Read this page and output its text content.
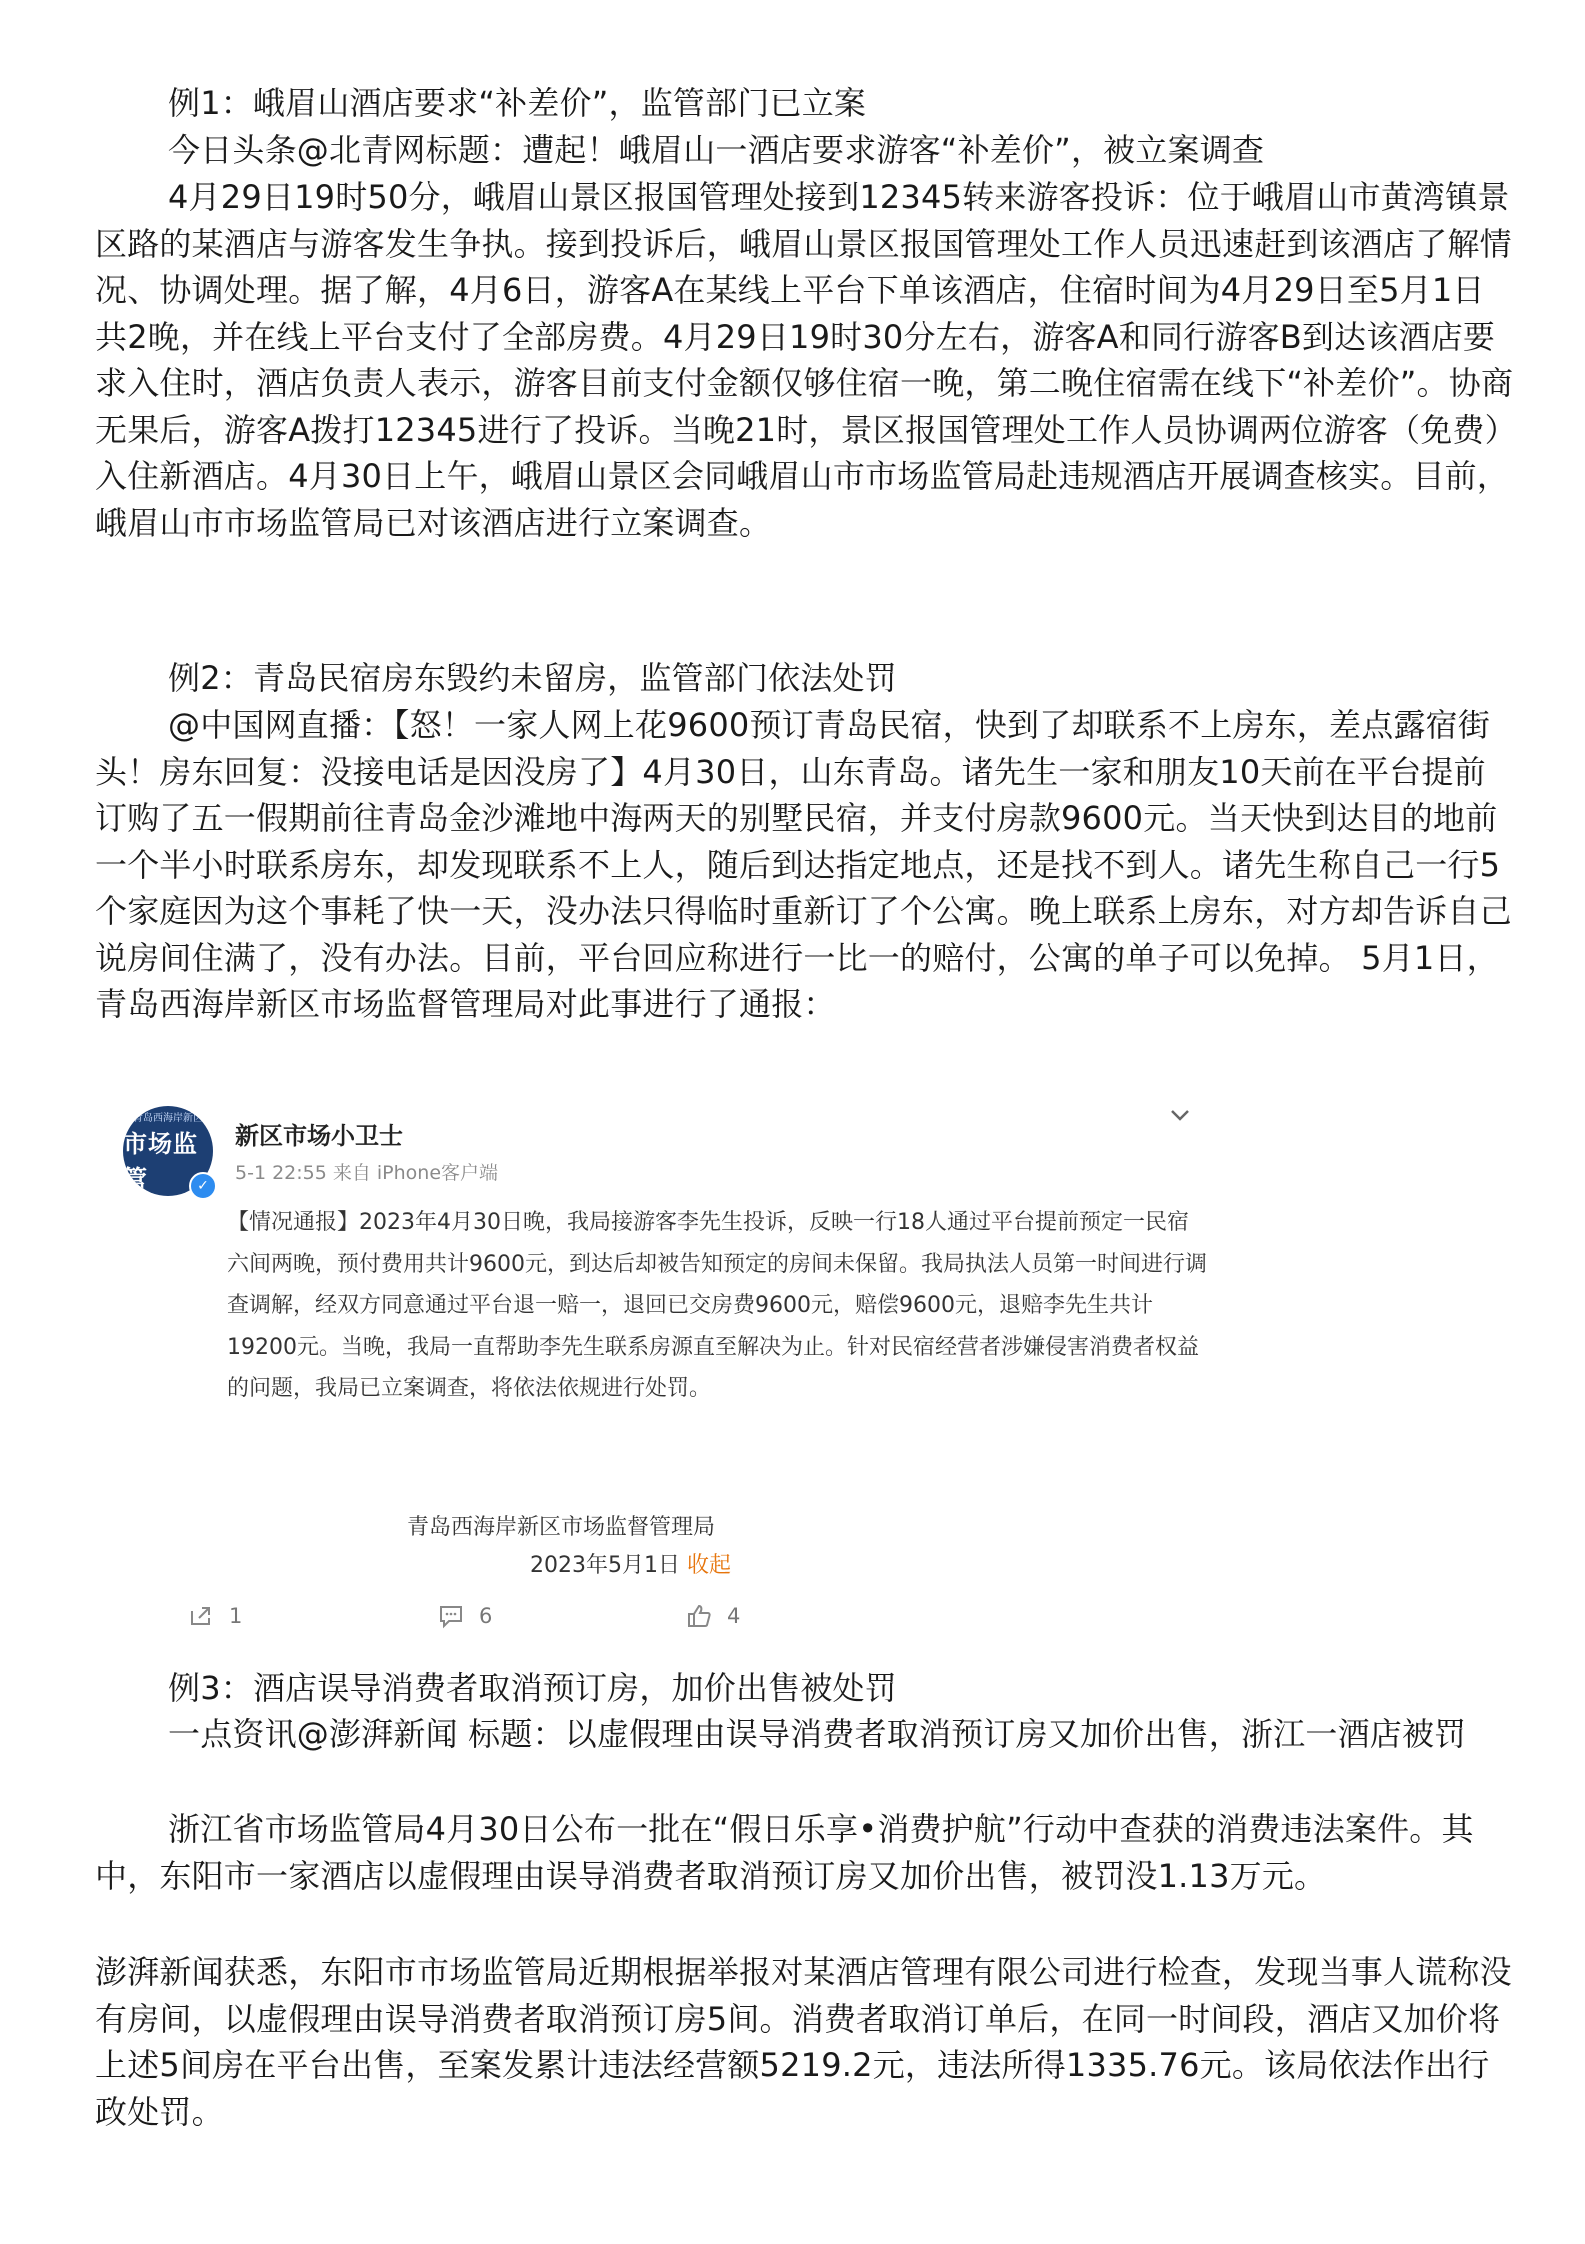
例1：峨眉山酒店要求“补差价”，监管部门已立案

今日头条@北青网标题：遭起！峨眉山一酒店要求游客“补差价”，被立案调查

4月29日19时50分，峨眉山景区报国管理处接到12345转来游客投诉：位于峨眉山市黄湾镇景区路的某酒店与游客发生争执。接到投诉后，峨眉山景区报国管理处工作人员迅速赶到该酒店了解情况、协调处理。据了解，4月6日，游客A在某线上平台下单该酒店，住宿时间为4月29日至5月1日共2晚，并在线上平台支付了全部房费。4月29日19时30分左右，游客A和同行游客B到达该酒店要求入住时，酒店负责人表示，游客目前支付金额仅够住宿一晚，第二晚住宿需在线下“补差价”。协商无果后，游客A拨打12345进行了投诉。当晚21时，景区报国管理处工作人员协调两位游客（免费）入住新酒店。4月30日上午，峨眉山景区会同峨眉山市市场监管局赴违规酒店开展调查核实。目前，峨眉山市市场监管局已对该酒店进行立案调查。

例2：青岛民宿房东毁约未留房，监管部门依法处罚

@中国网直播：【怒！一家人网上花9600预订青岛民宿，快到了却联系不上房东，差点露宿街头！房东回复：没接电话是因没房了】4月30日，山东青岛。诸先生一家和朋友10天前在平台提前订购了五一假期前往青岛金沙滩地中海两天的别墅民宿，并支付房款9600元。当天快到达目的地前一个半小时联系房东，却发现联系不上人，随后到达指定地点，还是找不到人。诸先生称自己一行5个家庭因为这个事耗了快一天，没办法只得临时重新订了个公寓。晚上联系上房东，对方却告诉自己说房间住满了，没有办法。目前，平台回应称进行一比一的赔付，公寓的单子可以免掉。 5月1日，青岛西海岸新区市场监督管理局对此事进行了通报：

青岛西海岸新区
市场监管	✓
新区市场小卫士
5-1 22:55 来自 iPhone客户端

【情况通报】2023年4月30日晚，我局接游客李先生投诉，反映一行18人通过平台提前预定一民宿六间两晚，预付费用共计9600元，到达后却被告知预定的房间未保留。我局执法人员第一时间进行调查调解，经双方同意通过平台退一赔一，退回已交房费9600元，赔偿9600元，退赔李先生共计19200元。当晚，我局一直帮助李先生联系房源直至解决为止。针对民宿经营者涉嫌侵害消费者权益的问题，我局已立案调查，将依法依规进行处罚。

青岛西海岸新区市场监督管理局
2023年5月1日 收起
1	6	4

例3：酒店误导消费者取消预订房，加价出售被处罚

一点资讯@澎湃新闻 标题：以虚假理由误导消费者取消预订房又加价出售，浙江一酒店被罚

浙江省市场监管局4月30日公布一批在“假日乐享•消费护航”行动中查获的消费违法案件。其中，东阳市一家酒店以虚假理由误导消费者取消预订房又加价出售，被罚没1.13万元。

澎湃新闻获悉，东阳市市场监管局近期根据举报对某酒店管理有限公司进行检查，发现当事人谎称没有房间，以虚假理由误导消费者取消预订房5间。消费者取消订单后，在同一时间段，酒店又加价将上述5间房在平台出售，至案发累计违法经营额5219.2元，违法所得1335.76元。该局依法作出行政处罚。
